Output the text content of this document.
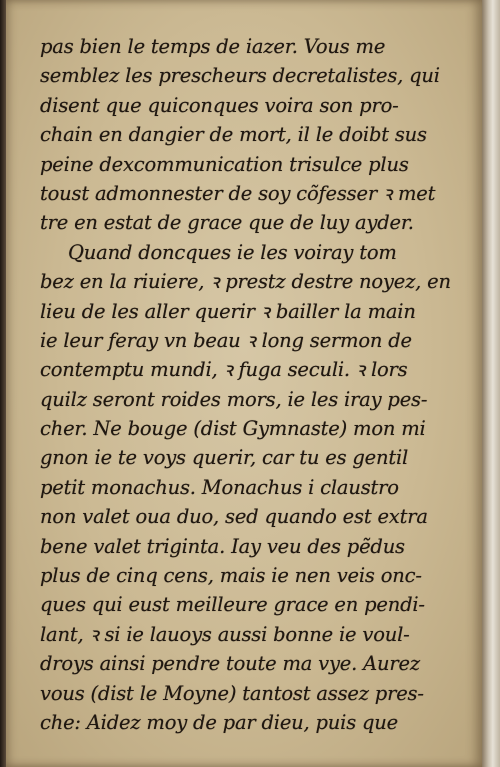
pas bien le temps de iazer. Vous me
semblez les prescheurs decretalistes, qui
disent que quiconques voira son pro-
chain en dangier de mort, il le doibt sus
peine dexcommunication trisulce plus
toust admonnester de soy cõfesser ꝛ met
tre en estat de grace que de luy ayder.
Quand doncques ie les voiray tom
bez en la riuiere, ꝛ prestz destre noyez, en
lieu de les aller querir ꝛ bailler la main
ie leur feray vn beau ꝛ long sermon de
contemptu mundi, ꝛ fuga seculi. ꝛ lors
quilz seront roides mors, ie les iray pes-
cher. Ne bouge (dist Gymnaste) mon mi
gnon ie te voys querir, car tu es gentil
petit monachus. Monachus i claustro
non valet oua duo, sed quando est extra
bene valet triginta. Iay veu des pẽdus
plus de cinq cens, mais ie nen veis onc-
ques qui eust meilleure grace en pendi-
lant, ꝛ si ie lauoys aussi bonne ie voul-
droys ainsi pendre toute ma vye. Aurez
vous (dist le Moyne) tantost assez pres-
che: Aidez moy de par dieu, puis que
